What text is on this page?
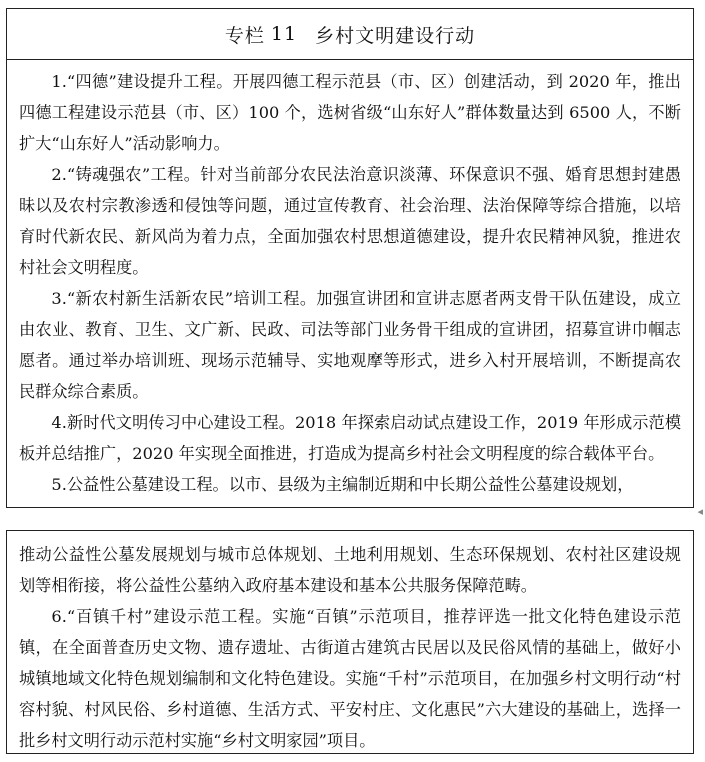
专栏 11 乡村文明建设行动

1.“四德”建设提升工程。开展四德工程示范县（市、区）创建活动，到 2020 年，推出四德工程建设示范县（市、区）100 个，选树省级“山东好人”群体数量达到 6500 人，不断扩大“山东好人”活动影响力。

2.“铸魂强农”工程。针对当前部分农民法治意识淡薄、环保意识不强、婚育思想封建愚昧以及农村宗教渗透和侵蚀等问题，通过宣传教育、社会治理、法治保障等综合措施，以培育时代新农民、新风尚为着力点，全面加强农村思想道德建设，提升农民精神风貌，推进农村社会文明程度。

3.“新农村新生活新农民”培训工程。加强宣讲团和宣讲志愿者两支骨干队伍建设，成立由农业、教育、卫生、文广新、民政、司法等部门业务骨干组成的宣讲团，招募宣讲巾帼志愿者。通过举办培训班、现场示范辅导、实地观摩等形式，进乡入村开展培训，不断提高农民群众综合素质。

4.新时代文明传习中心建设工程。2018 年探索启动试点建设工作，2019 年形成示范模板并总结推广，2020 年实现全面推进，打造成为提高乡村社会文明程度的综合载体平台。

5.公益性公墓建设工程。以市、县级为主编制近期和中长期公益性公墓建设规划，

◂

推动公益性公墓发展规划与城市总体规划、土地利用规划、生态环保规划、农村社区建设规划等相衔接，将公益性公墓纳入政府基本建设和基本公共服务保障范畴。

6.“百镇千村”建设示范工程。实施“百镇”示范项目，推荐评选一批文化特色建设示范镇，在全面普查历史文物、遗存遗址、古街道古建筑古民居以及民俗风情的基础上，做好小城镇地域文化特色规划编制和文化特色建设。实施“千村”示范项目，在加强乡村文明行动“村容村貌、村风民俗、乡村道德、生活方式、平安村庄、文化惠民”六大建设的基础上，选择一批乡村文明行动示范村实施“乡村文明家园”项目。
